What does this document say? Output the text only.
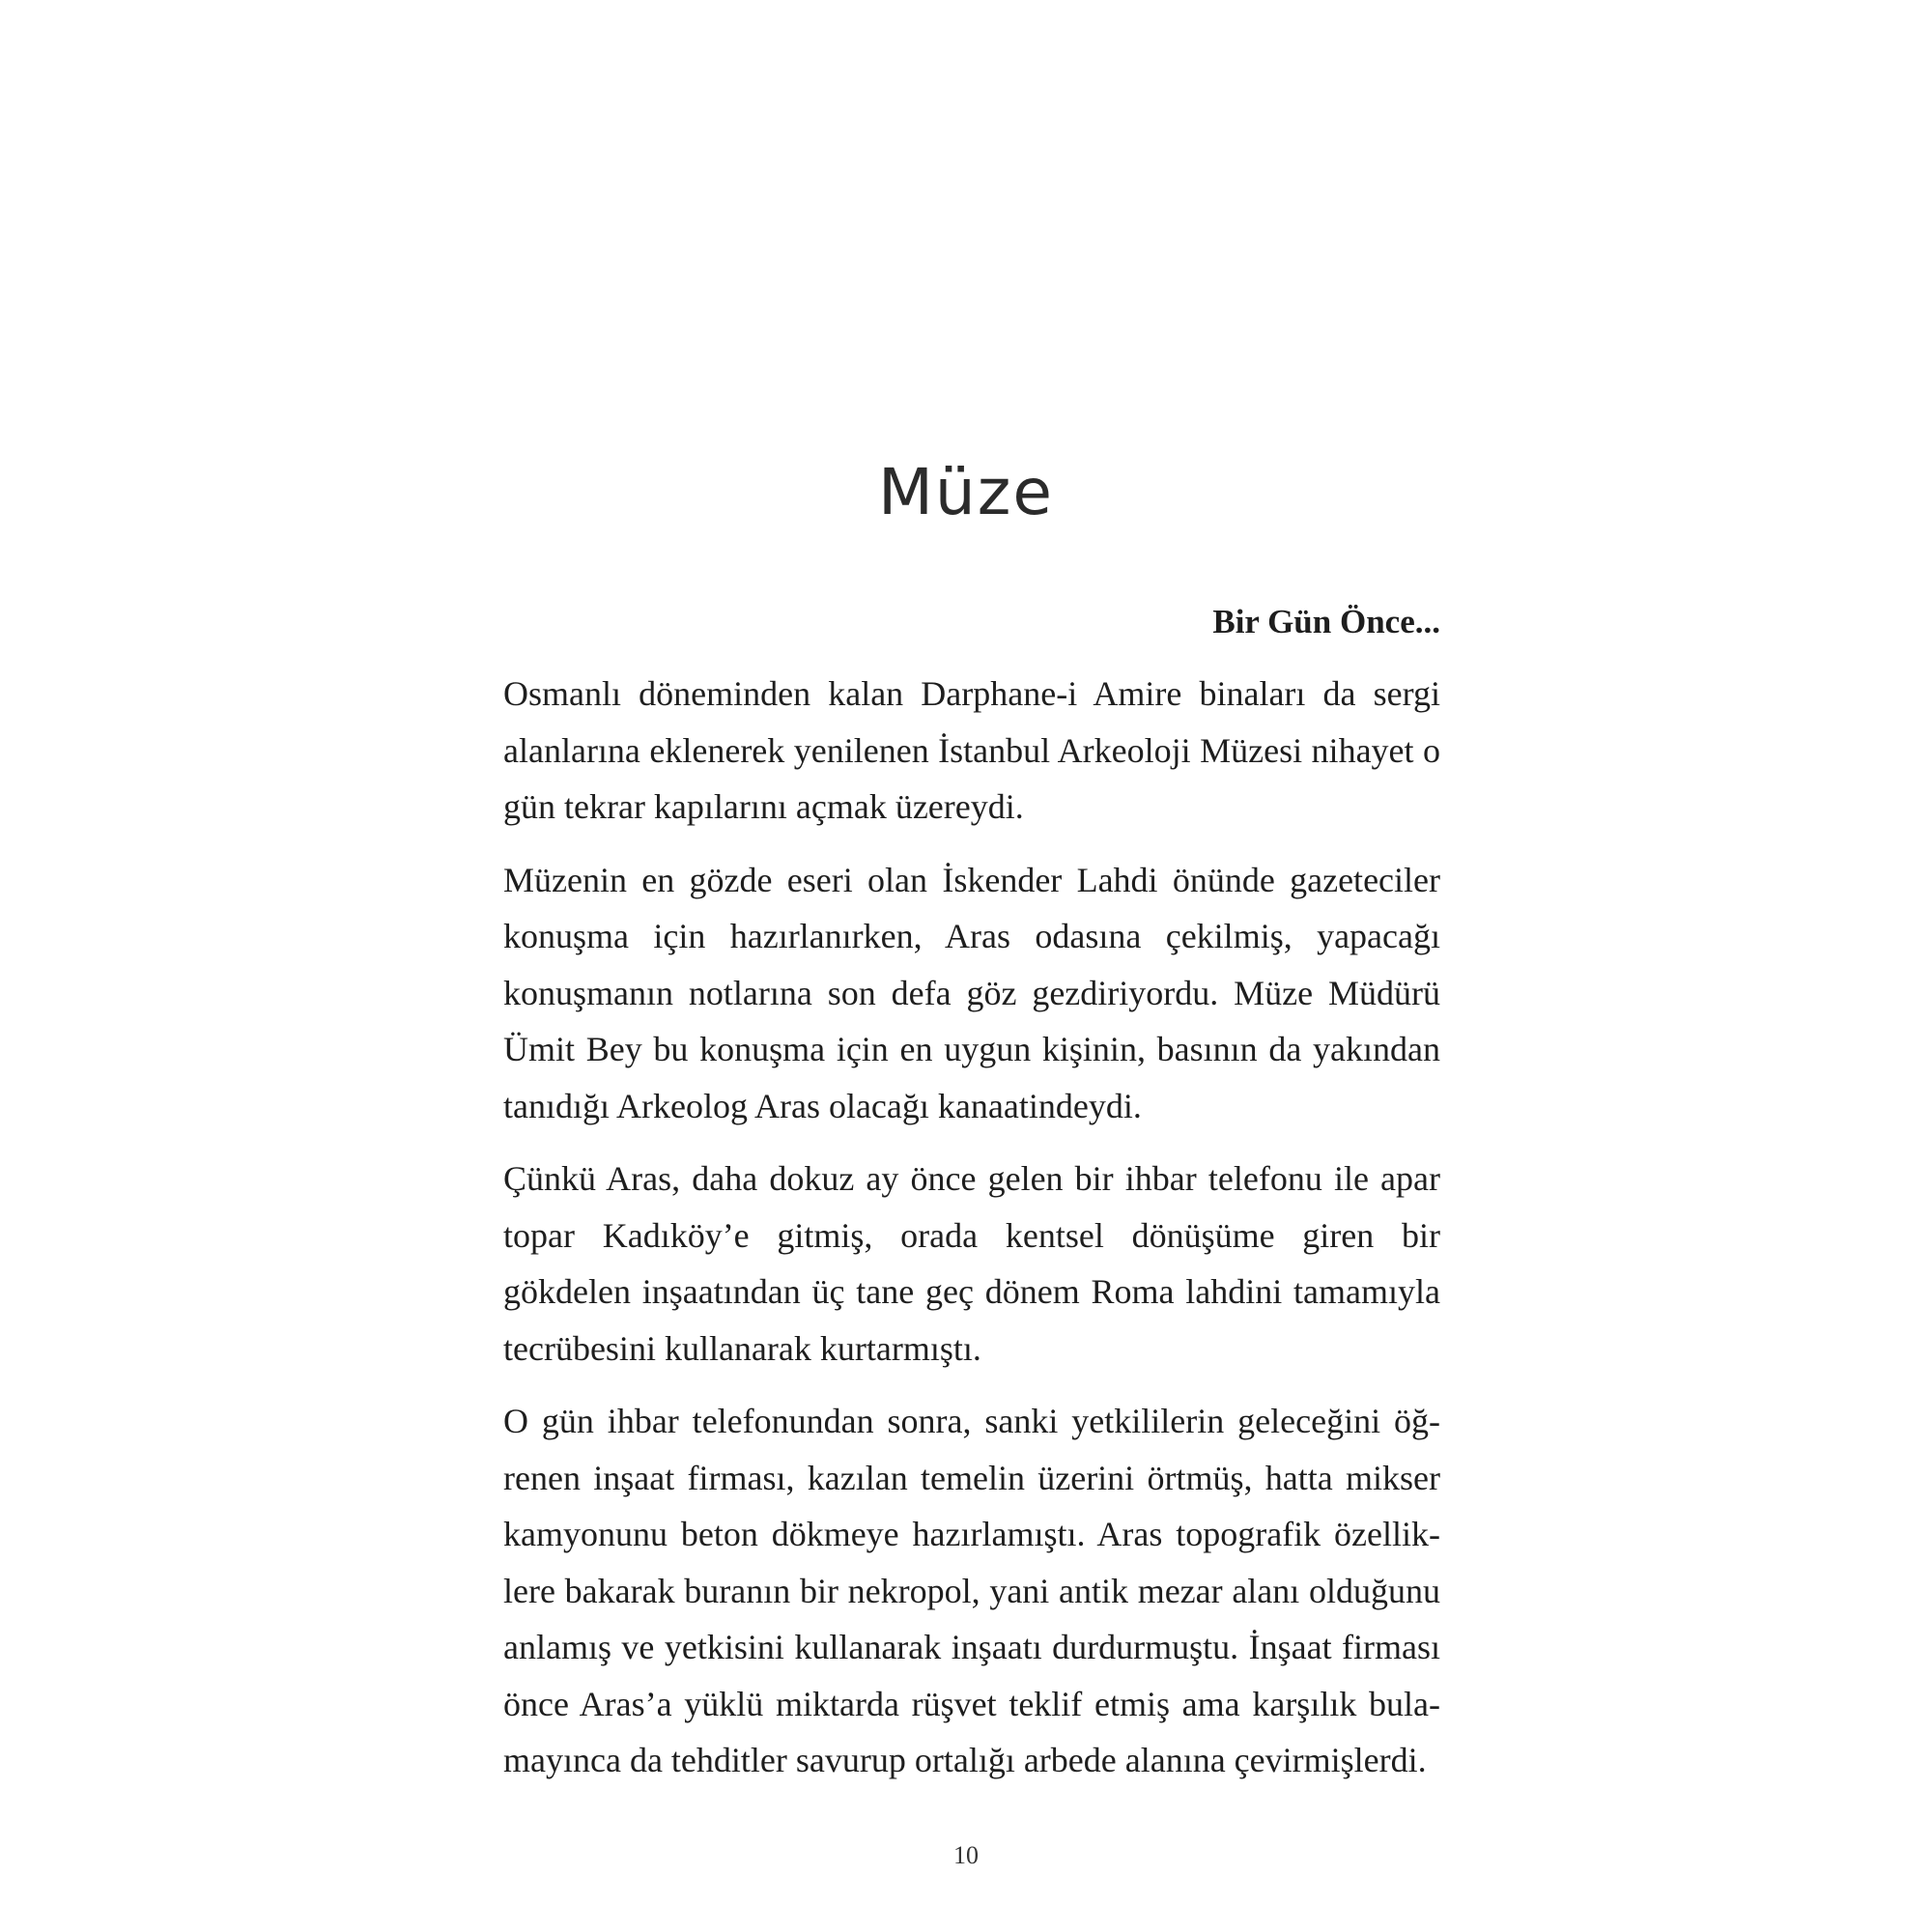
Müze

Bir Gün Önce...

Osmanlı döneminden kalan Darphane-i Amire binaları da sergi alanlarına eklenerek yenilenen İstanbul Arkeoloji Müzesi nihayet o gün tekrar kapılarını açmak üzereydi.

Müzenin en gözde eseri olan İskender Lahdi önünde gazeteciler konuşma için hazırlanırken, Aras odasına çekilmiş, yapacağı konuşmanın notlarına son defa göz gezdiriyordu. Müze Müdürü Ümit Bey bu konuşma için en uygun kişinin, basının da yakından tanıdığı Arkeolog Aras olacağı kanaatindeydi.

Çünkü Aras, daha dokuz ay önce gelen bir ihbar telefonu ile apar topar Kadıköy’e gitmiş, orada kentsel dönüşüme giren bir gökdelen inşaatından üç tane geç dönem Roma lahdini tamamıyla tecrübesini kullanarak kurtarmıştı.

O gün ihbar telefonundan sonra, sanki yetkililerin geleceğini öğrenen inşaat firması, kazılan temelin üzerini örtmüş, hatta mikser kamyonunu beton dökmeye hazırlamıştı. Aras topografik özelliklere bakarak buranın bir nekropol, yani antik mezar alanı olduğunu anlamış ve yetkisini kullanarak inşaatı durdurmuştu. İnşaat firması önce Aras’a yüklü miktarda rüşvet teklif etmiş ama karşılık bulamayınca da tehditler savurup ortalığı arbede alanına çevirmişlerdi.

10
